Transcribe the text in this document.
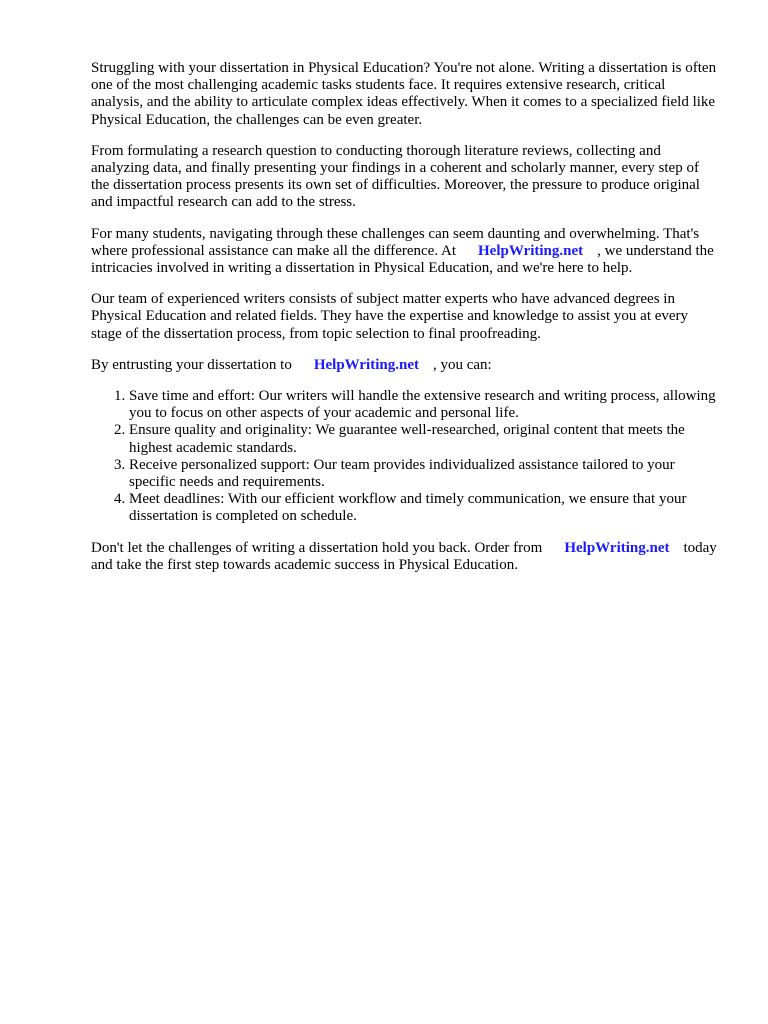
Struggling with your dissertation in Physical Education? You're not alone. Writing a dissertation is often one of the most challenging academic tasks students face. It requires extensive research, critical analysis, and the ability to articulate complex ideas effectively. When it comes to a specialized field like Physical Education, the challenges can be even greater.

From formulating a research question to conducting thorough literature reviews, collecting and analyzing data, and finally presenting your findings in a coherent and scholarly manner, every step of the dissertation process presents its own set of difficulties. Moreover, the pressure to produce original and impactful research can add to the stress.

For many students, navigating through these challenges can seem daunting and overwhelming. That's where professional assistance can make all the difference. At HelpWriting.net , we understand the intricacies involved in writing a dissertation in Physical Education, and we're here to help.

Our team of experienced writers consists of subject matter experts who have advanced degrees in Physical Education and related fields. They have the expertise and knowledge to assist you at every stage of the dissertation process, from topic selection to final proofreading.

By entrusting your dissertation to HelpWriting.net , you can:

1. Save time and effort: Our writers will handle the extensive research and writing process, allowing you to focus on other aspects of your academic and personal life.
2. Ensure quality and originality: We guarantee well-researched, original content that meets the highest academic standards.
3. Receive personalized support: Our team provides individualized assistance tailored to your specific needs and requirements.
4. Meet deadlines: With our efficient workflow and timely communication, we ensure that your dissertation is completed on schedule.

Don't let the challenges of writing a dissertation hold you back. Order from HelpWriting.net today and take the first step towards academic success in Physical Education.
